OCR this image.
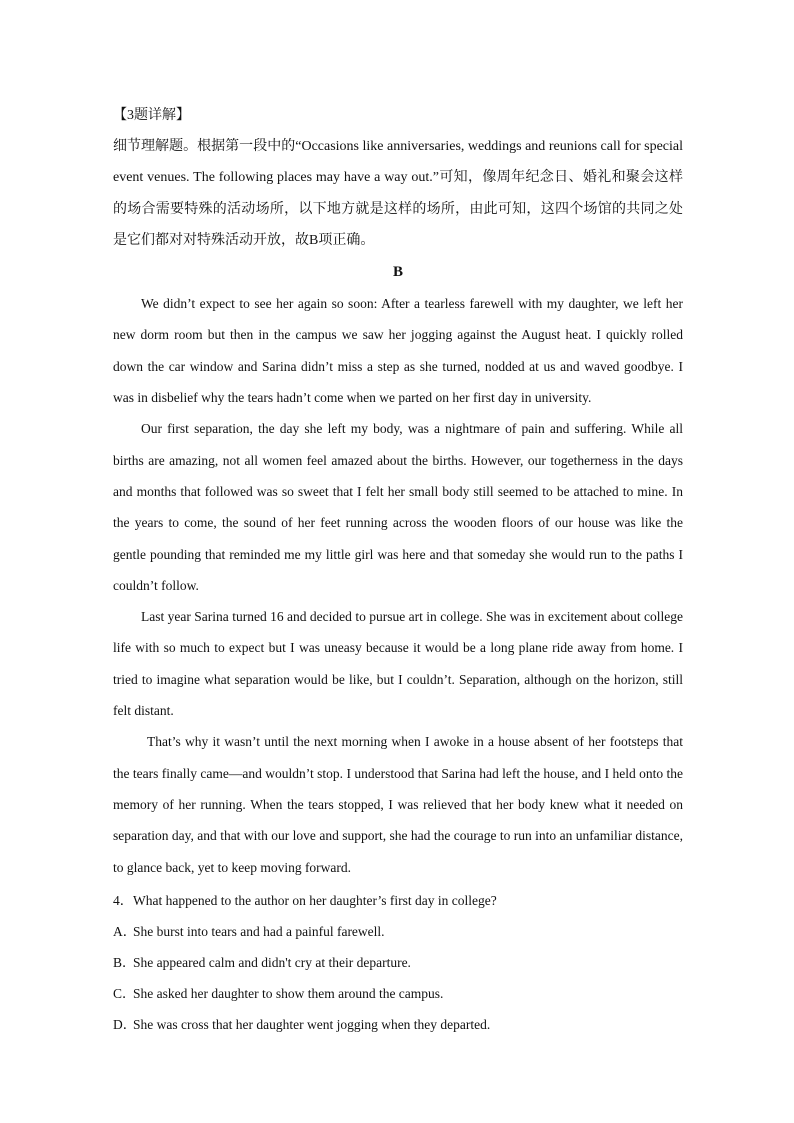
【3题详解】

细节理解题。根据第一段中的“Occasions like anniversaries, weddings and reunions call for special event venues. The following places may have a way out.”可知，像周年纪念日、婚礼和聚会这样的场合需要特殊的活动场所，以下地方就是这样的场所，由此可知，这四个场馆的共同之处是它们都对对特殊活动开放，故B项正确。

B

We didn’t expect to see her again so soon: After a tearless farewell with my daughter, we left her new dorm room but then in the campus we saw her jogging against the August heat. I quickly rolled down the car window and Sarina didn’t miss a step as she turned, nodded at us and waved goodbye. I was in disbelief why the tears hadn’t come when we parted on her first day in university.

Our first separation, the day she left my body, was a nightmare of pain and suffering. While all births are amazing, not all women feel amazed about the births. However, our togetherness in the days and months that followed was so sweet that I felt her small body still seemed to be attached to mine. In the years to come, the sound of her feet running across the wooden floors of our house was like the gentle pounding that reminded me my little girl was here and that someday she would run to the paths I couldn’t follow.

Last year Sarina turned 16 and decided to pursue art in college. She was in excitement about college life with so much to expect but I was uneasy because it would be a long plane ride away from home. I tried to imagine what separation would be like, but I couldn’t. Separation, although on the horizon, still felt distant.

That’s why it wasn’t until the next morning when I awoke in a house absent of her footsteps that the tears finally came—and wouldn’t stop. I understood that Sarina had left the house, and I held onto the memory of her running. When the tears stopped, I was relieved that her body knew what it needed on separation day, and that with our love and support, she had the courage to run into an unfamiliar distance, to glance back, yet to keep moving forward.

4．What happened to the author on her daughter’s first day in college?

A．She burst into tears and had a painful farewell.

B．She appeared calm and didn't cry at their departure.

C．She asked her daughter to show them around the campus.

D．She was cross that her daughter went jogging when they departed.
